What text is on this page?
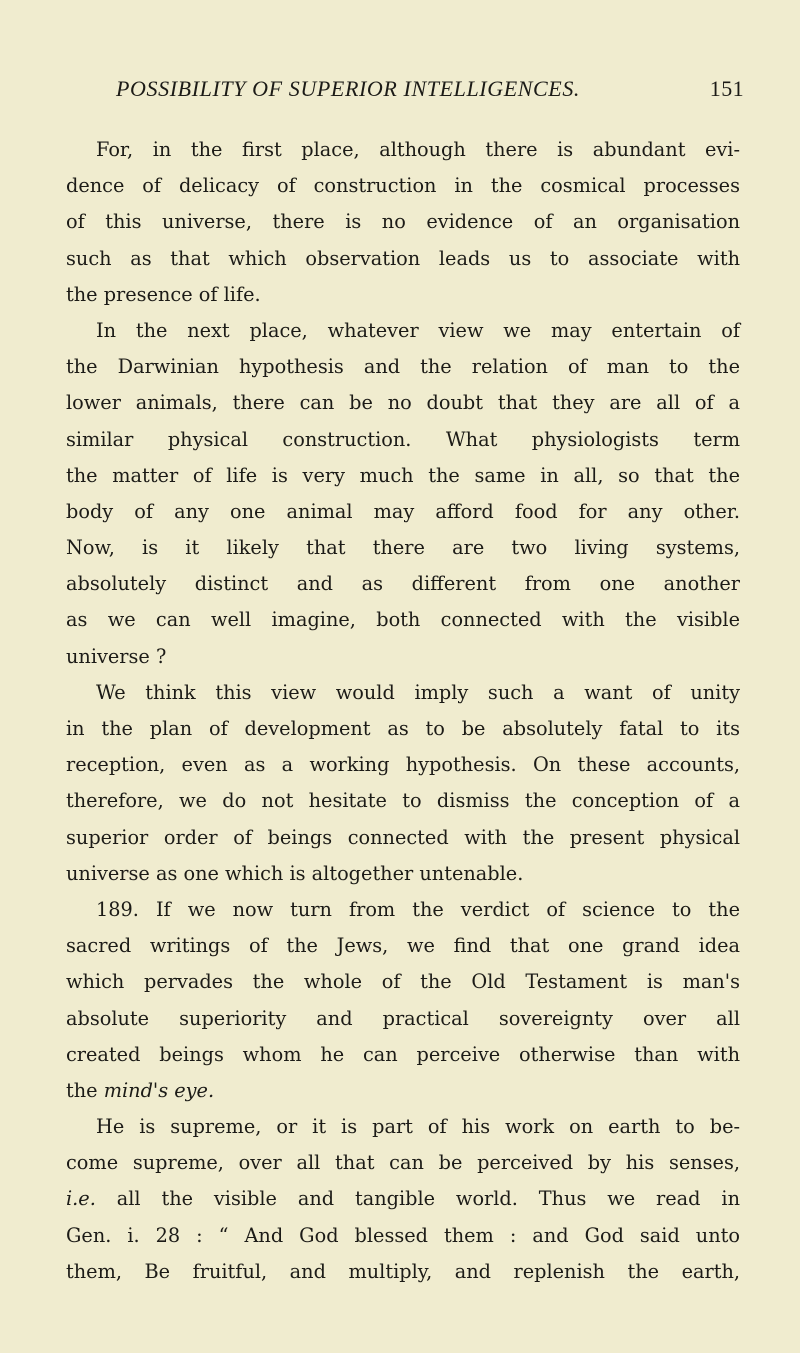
POSSIBILITY OF SUPERIOR INTELLIGENCES.	151
For, in the first place, although there is abundant evi-
dence of delicacy of construction in the cosmical processes
of this universe, there is no evidence of an organisation
such as that which observation leads us to associate with
the presence of life.
In the next place, whatever view we may entertain of
the Darwinian hypothesis and the relation of man to the
lower animals, there can be no doubt that they are all of a
similar physical construction. What physiologists term
the matter of life is very much the same in all, so that the
body of any one animal may afford food for any other.
Now, is it likely that there are two living systems,
absolutely distinct and as different from one another
as we can well imagine, both connected with the visible
universe ?
We think this view would imply such a want of unity
in the plan of development as to be absolutely fatal to its
reception, even as a working hypothesis. On these accounts,
therefore, we do not hesitate to dismiss the conception of a
superior order of beings connected with the present physical
universe as one which is altogether untenable.
189. If we now turn from the verdict of science to the
sacred writings of the Jews, we find that one grand idea
which pervades the whole of the Old Testament is man's
absolute superiority and practical sovereignty over all
created beings whom he can perceive otherwise than with
the mind's eye.
He is supreme, or it is part of his work on earth to be-
come supreme, over all that can be perceived by his senses,
i.e. all the visible and tangible world. Thus we read in
Gen. i. 28 : “ And God blessed them : and God said unto
them, Be fruitful, and multiply, and replenish the earth,
